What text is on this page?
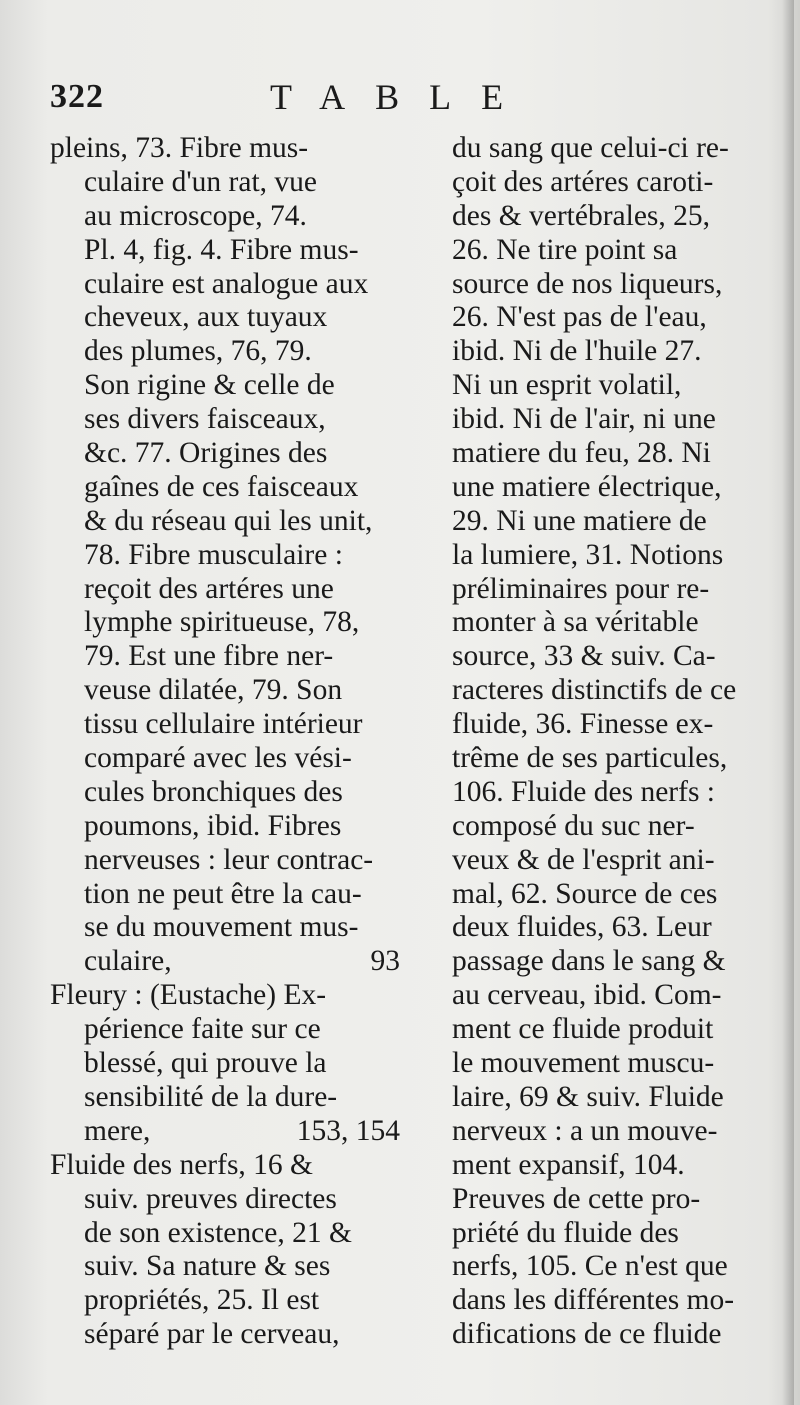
322	TABLE
pleins, 73. Fibre mus-
culaire d'un rat, vue
au microscope, 74.
Pl. 4, fig. 4. Fibre mus-
culaire est analogue aux
cheveux, aux tuyaux
des plumes, 76, 79.
Son rigine & celle de
ses divers faisceaux,
&c. 77. Origines des
gaînes de ces faisceaux
& du réseau qui les unit,
78. Fibre musculaire :
reçoit des artéres une
lymphe spiritueuse, 78,
79. Est une fibre ner-
veuse dilatée, 79. Son
tissu cellulaire intérieur
comparé avec les vési-
cules bronchiques des
poumons, ibid. Fibres
nerveuses : leur contrac-
tion ne peut être la cau-
se du mouvement mus-
culaire,	93
Fleury : (Eustache) Ex-
périence faite sur ce
blessé, qui prouve la
sensibilité de la dure-
mere,	153, 154
Fluide des nerfs, 16 &
suiv. preuves directes
de son existence, 21 &
suiv. Sa nature & ses
propriétés, 25. Il est
séparé par le cerveau,
du sang que celui-ci re-
çoit des artéres caroti-
des & vertébrales, 25,
26. Ne tire point sa
source de nos liqueurs,
26. N'est pas de l'eau,
ibid. Ni de l'huile 27.
Ni un esprit volatil,
ibid. Ni de l'air, ni une
matiere du feu, 28. Ni
une matiere électrique,
29. Ni une matiere de
la lumiere, 31. Notions
préliminaires pour re-
monter à sa véritable
source, 33 & suiv. Ca-
racteres distinctifs de ce
fluide, 36. Finesse ex-
trême de ses particules,
106. Fluide des nerfs :
composé du suc ner-
veux & de l'esprit ani-
mal, 62. Source de ces
deux fluides, 63. Leur
passage dans le sang &
au cerveau, ibid. Com-
ment ce fluide produit
le mouvement muscu-
laire, 69 & suiv. Fluide
nerveux : a un mouve-
ment expansif, 104.
Preuves de cette pro-
priété du fluide des
nerfs, 105. Ce n'est que
dans les différentes mo-
difications de ce fluide
